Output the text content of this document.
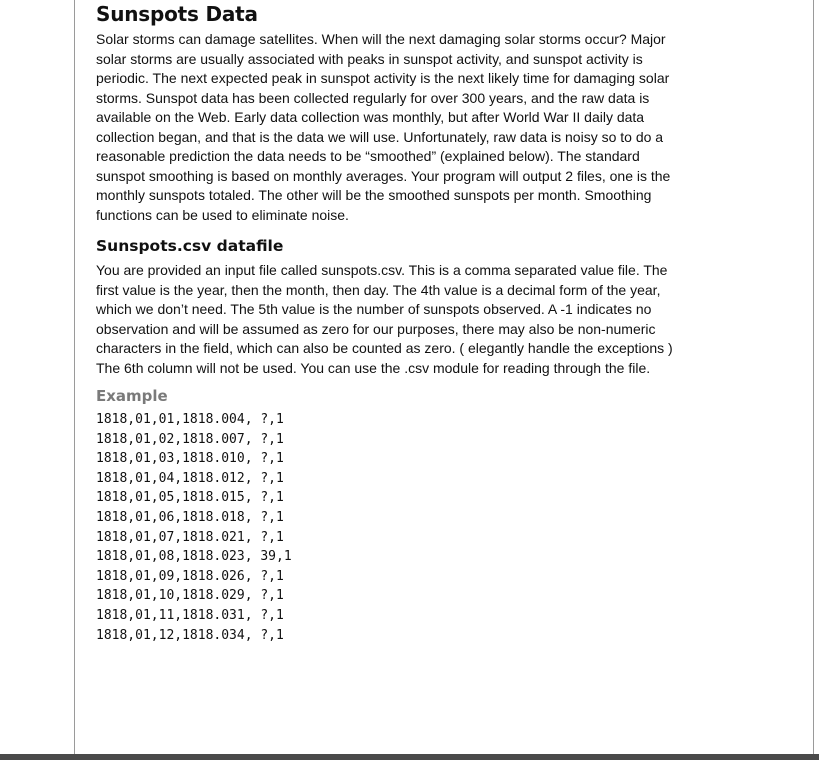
Sunspots Data

Solar storms can damage satellites. When will the next damaging solar storms occur? Major
solar storms are usually associated with peaks in sunspot activity, and sunspot activity is
periodic. The next expected peak in sunspot activity is the next likely time for damaging solar
storms. Sunspot data has been collected regularly for over 300 years, and the raw data is
available on the Web. Early data collection was monthly, but after World War II daily data
collection began, and that is the data we will use. Unfortunately, raw data is noisy so to do a
reasonable prediction the data needs to be “smoothed” (explained below). The standard
sunspot smoothing is based on monthly averages. Your program will output 2 files, one is the
monthly sunspots totaled. The other will be the smoothed sunspots per month. Smoothing
functions can be used to eliminate noise.

Sunspots.csv datafile

You are provided an input file called sunspots.csv. This is a comma separated value file. The
first value is the year, then the month, then day. The 4th value is a decimal form of the year,
which we don’t need. The 5th value is the number of sunspots observed. A -1 indicates no
observation and will be assumed as zero for our purposes, there may also be non-numeric
characters in the field, which can also be counted as zero. ( elegantly handle the exceptions )
The 6th column will not be used. You can use the .csv module for reading through the file.

Example
1818,01,01,1818.004, ?,1
1818,01,02,1818.007, ?,1
1818,01,03,1818.010, ?,1
1818,01,04,1818.012, ?,1
1818,01,05,1818.015, ?,1
1818,01,06,1818.018, ?,1
1818,01,07,1818.021, ?,1
1818,01,08,1818.023, 39,1
1818,01,09,1818.026, ?,1
1818,01,10,1818.029, ?,1
1818,01,11,1818.031, ?,1
1818,01,12,1818.034, ?,1
